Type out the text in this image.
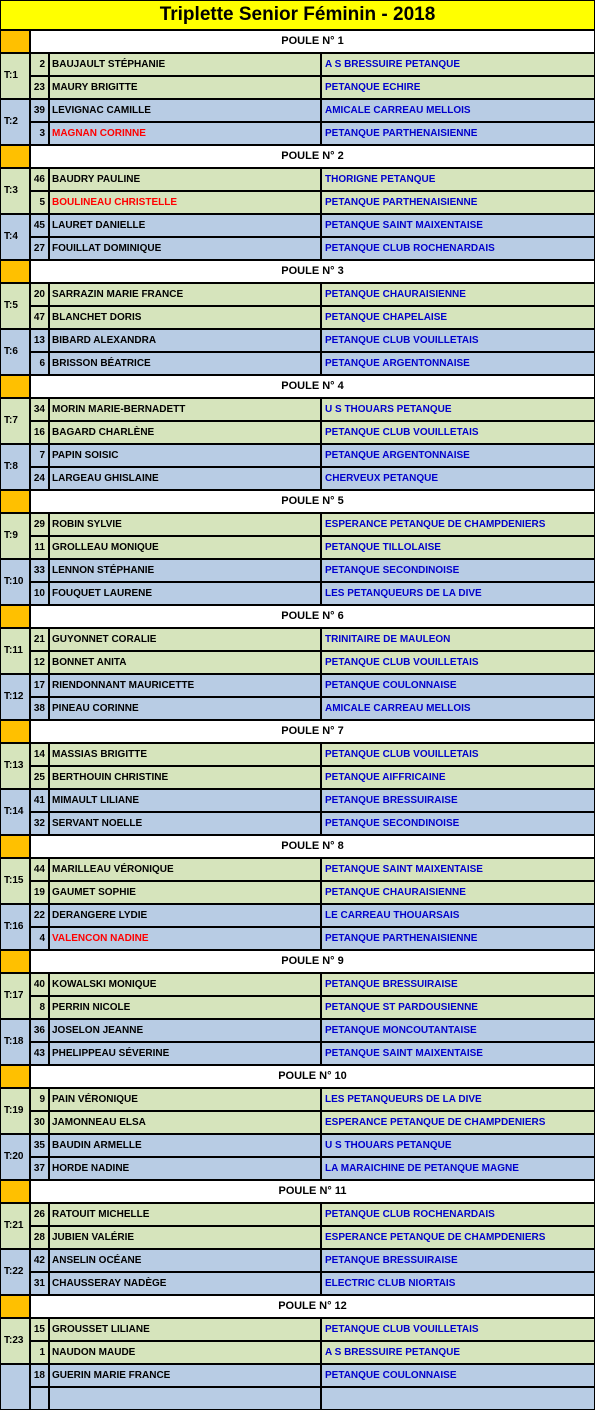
Triplette Senior Féminin - 2018
POULE N° 1
T:1
2 BAUJAULT STÉPHANIE	A S BRESSUIRE PETANQUE
23 MAURY BRIGITTE	PETANQUE ECHIRE
T:2
39 LEVIGNAC CAMILLE	AMICALE CARREAU MELLOIS
3 MAGNAN CORINNE	PETANQUE PARTHENAISIENNE
POULE N° 2
T:3
46 BAUDRY PAULINE	THORIGNE PETANQUE
5 BOULINEAU CHRISTELLE	PETANQUE PARTHENAISIENNE
T:4
45 LAURET DANIELLE	PETANQUE SAINT MAIXENTAISE
27 FOUILLAT DOMINIQUE	PETANQUE CLUB ROCHENARDAIS
POULE N° 3
T:5
20 SARRAZIN MARIE FRANCE	PETANQUE CHAURAISIENNE
47 BLANCHET DORIS	PETANQUE CHAPELAISE
T:6
13 BIBARD ALEXANDRA	PETANQUE CLUB VOUILLETAIS
6 BRISSON BÉATRICE	PETANQUE ARGENTONNAISE
POULE N° 4
T:7
34 MORIN MARIE-BERNADETT	U S THOUARS PETANQUE
16 BAGARD CHARLÈNE	PETANQUE CLUB VOUILLETAIS
T:8
7 PAPIN SOISIC	PETANQUE ARGENTONNAISE
24 LARGEAU GHISLAINE	CHERVEUX PETANQUE
POULE N° 5
T:9
29 ROBIN SYLVIE	ESPERANCE PETANQUE DE CHAMPDENIERS
11 GROLLEAU MONIQUE	PETANQUE TILLOLAISE
T:10
33 LENNON STÉPHANIE	PETANQUE SECONDINOISE
10 FOUQUET LAURENE	LES PETANQUEURS DE LA DIVE
POULE N° 6
T:11
21 GUYONNET CORALIE	TRINITAIRE DE MAULEON
12 BONNET ANITA	PETANQUE CLUB VOUILLETAIS
T:12
17 RIENDONNANT MAURICETTE	PETANQUE COULONNAISE
38 PINEAU CORINNE	AMICALE CARREAU MELLOIS
POULE N° 7
T:13
14 MASSIAS BRIGITTE	PETANQUE CLUB VOUILLETAIS
25 BERTHOUIN CHRISTINE	PETANQUE AIFFRICAINE
T:14
41 MIMAULT LILIANE	PETANQUE BRESSUIRAISE
32 SERVANT NOELLE	PETANQUE SECONDINOISE
POULE N° 8
T:15
44 MARILLEAU VÉRONIQUE	PETANQUE SAINT MAIXENTAISE
19 GAUMET SOPHIE	PETANQUE CHAURAISIENNE
T:16
22 DERANGERE LYDIE	LE CARREAU THOUARSAIS
4 VALENCON NADINE	PETANQUE PARTHENAISIENNE
POULE N° 9
T:17
40 KOWALSKI MONIQUE	PETANQUE BRESSUIRAISE
8 PERRIN NICOLE	PETANQUE ST PARDOUSIENNE
T:18
36 JOSELON JEANNE	PETANQUE MONCOUTANTAISE
43 PHELIPPEAU SÉVERINE	PETANQUE SAINT MAIXENTAISE
POULE N° 10
T:19
9 PAIN VÉRONIQUE	LES PETANQUEURS DE LA DIVE
30 JAMONNEAU ELSA	ESPERANCE PETANQUE DE CHAMPDENIERS
T:20
35 BAUDIN ARMELLE	U S THOUARS PETANQUE
37 HORDE NADINE	LA MARAICHINE DE PETANQUE MAGNE
POULE N° 11
T:21
26 RATOUIT MICHELLE	PETANQUE CLUB ROCHENARDAIS
28 JUBIEN VALÉRIE	ESPERANCE PETANQUE DE CHAMPDENIERS
T:22
42 ANSELIN OCÉANE	PETANQUE BRESSUIRAISE
31 CHAUSSERAY NADÈGE	ELECTRIC CLUB NIORTAIS
POULE N° 12
T:23
15 GROUSSET LILIANE	PETANQUE CLUB VOUILLETAIS
1 NAUDON MAUDE	A S BRESSUIRE PETANQUE
18 GUERIN MARIE FRANCE	PETANQUE COULONNAISE
